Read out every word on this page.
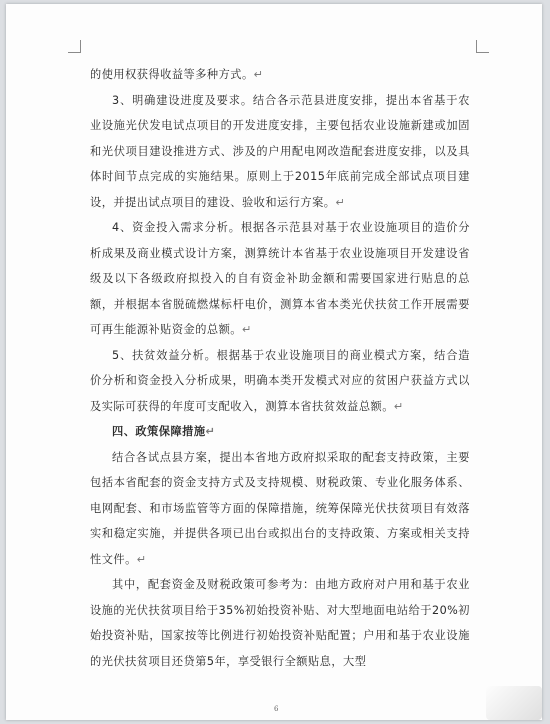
的使用权获得收益等多种方式。↵

3、明确建设进度及要求。结合各示范县进度安排，提出本省基于农业设施光伏发电试点项目的开发进度安排，主要包括农业设施新建或加固和光伏项目建设推进方式、涉及的户用配电网改造配套进度安排，以及具体时间节点完成的实施结果。原则上于2015年底前完成全部试点项目建设，并提出试点项目的建设、验收和运行方案。↵

4、资金投入需求分析。根据各示范县对基于农业设施项目的造价分析成果及商业模式设计方案，测算统计本省基于农业设施项目开发建设省级及以下各级政府拟投入的自有资金补助金额和需要国家进行贴息的总额，并根据本省脱硫燃煤标杆电价，测算本省本类光伏扶贫工作开展需要可再生能源补贴资金的总额。↵

5、扶贫效益分析。根据基于农业设施项目的商业模式方案，结合造价分析和资金投入分析成果，明确本类开发模式对应的贫困户获益方式以及实际可获得的年度可支配收入，测算本省扶贫效益总额。↵

四、政策保障措施↵

结合各试点县方案，提出本省地方政府拟采取的配套支持政策，主要包括本省配套的资金支持方式及支持规模、财税政策、专业化服务体系、电网配套、和市场监管等方面的保障措施，统筹保障光伏扶贫项目有效落实和稳定实施，并提供各项已出台或拟出台的支持政策、方案或相关支持性文件。↵

其中，配套资金及财税政策可参考为：由地方政府对户用和基于农业设施的光伏扶贫项目给于35%初始投资补贴、对大型地面电站给于20%初始投资补贴，国家按等比例进行初始投资补贴配置；户用和基于农业设施的光伏扶贫项目还贷第5年，享受银行全额贴息，大型

6
